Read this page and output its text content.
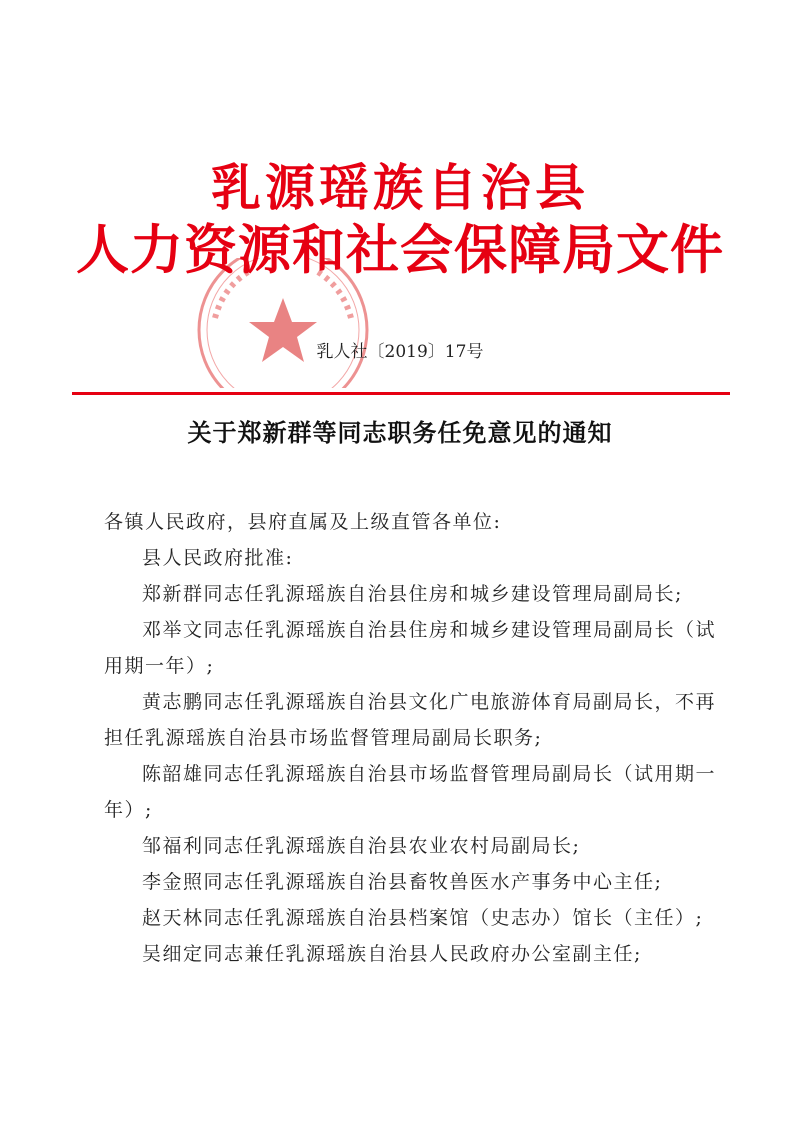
乳源瑶族自治县
人力资源和社会保障局文件
乳人社〔2019〕17号
关于郑新群等同志职务任免意见的通知

各镇人民政府，县府直属及上级直管各单位:

县人民政府批准:

郑新群同志任乳源瑶族自治县住房和城乡建设管理局副局长;

邓举文同志任乳源瑶族自治县住房和城乡建设管理局副局长（试用期一年）;

黄志鹏同志任乳源瑶族自治县文化广电旅游体育局副局长，不再担任乳源瑶族自治县市场监督管理局副局长职务;

陈韶雄同志任乳源瑶族自治县市场监督管理局副局长（试用期一年）;

邹福利同志任乳源瑶族自治县农业农村局副局长;

李金照同志任乳源瑶族自治县畜牧兽医水产事务中心主任;

赵天林同志任乳源瑶族自治县档案馆（史志办）馆长（主任）;

吴细定同志兼任乳源瑶族自治县人民政府办公室副主任;
